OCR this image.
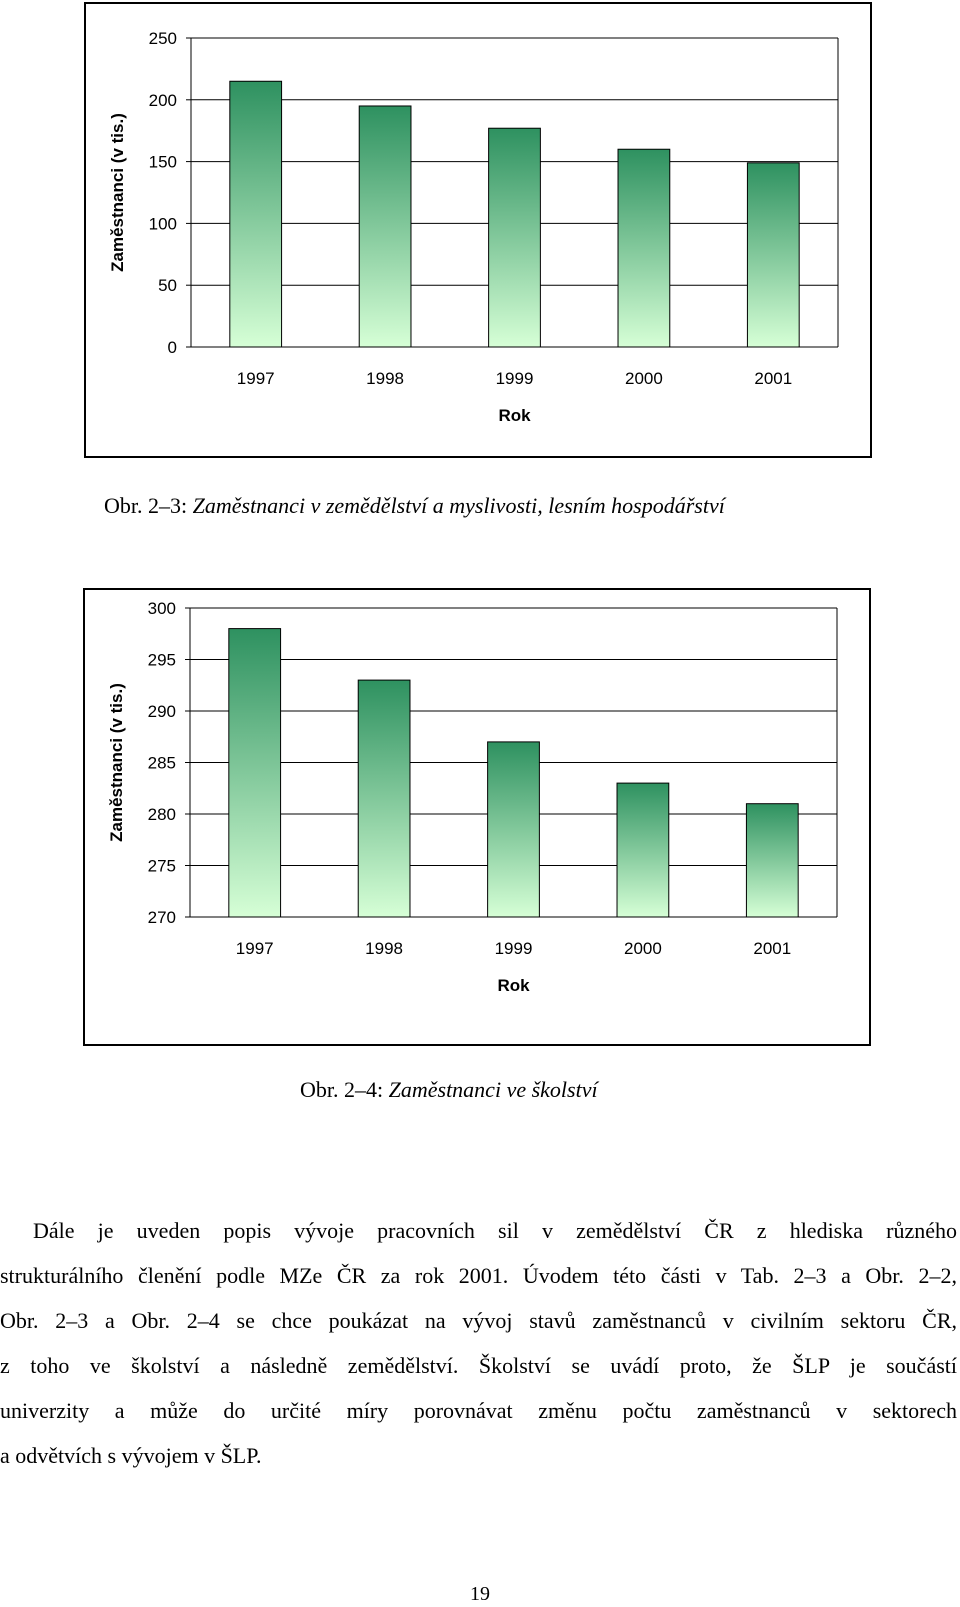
0
50
100
150
200
250
1997	1998	1999	2000	2001
Rok
Zaměstnanci (v tis.)
Obr. 2–3: Zaměstnanci v zemědělství a myslivosti, lesním hospodářství
270
275
280
285
290
295
300
1997	1998	1999	2000	2001
Rok
Zaměstnanci (v tis.)
Obr. 2–4: Zaměstnanci ve školství
Dále je uveden popis vývoje pracovních sil v zemědělství ČR z hlediska různého
strukturálního členění podle MZe ČR za rok 2001. Úvodem této části v Tab. 2–3 a Obr. 2–2,
Obr. 2–3 a Obr. 2–4 se chce poukázat na vývoj stavů zaměstnanců v civilním sektoru ČR,
z toho ve školství a následně zemědělství. Školství se uvádí proto, že ŠLP je součástí
univerzity a může do určité míry porovnávat změnu počtu zaměstnanců v sektorech
a odvětvích s vývojem v ŠLP.
19
